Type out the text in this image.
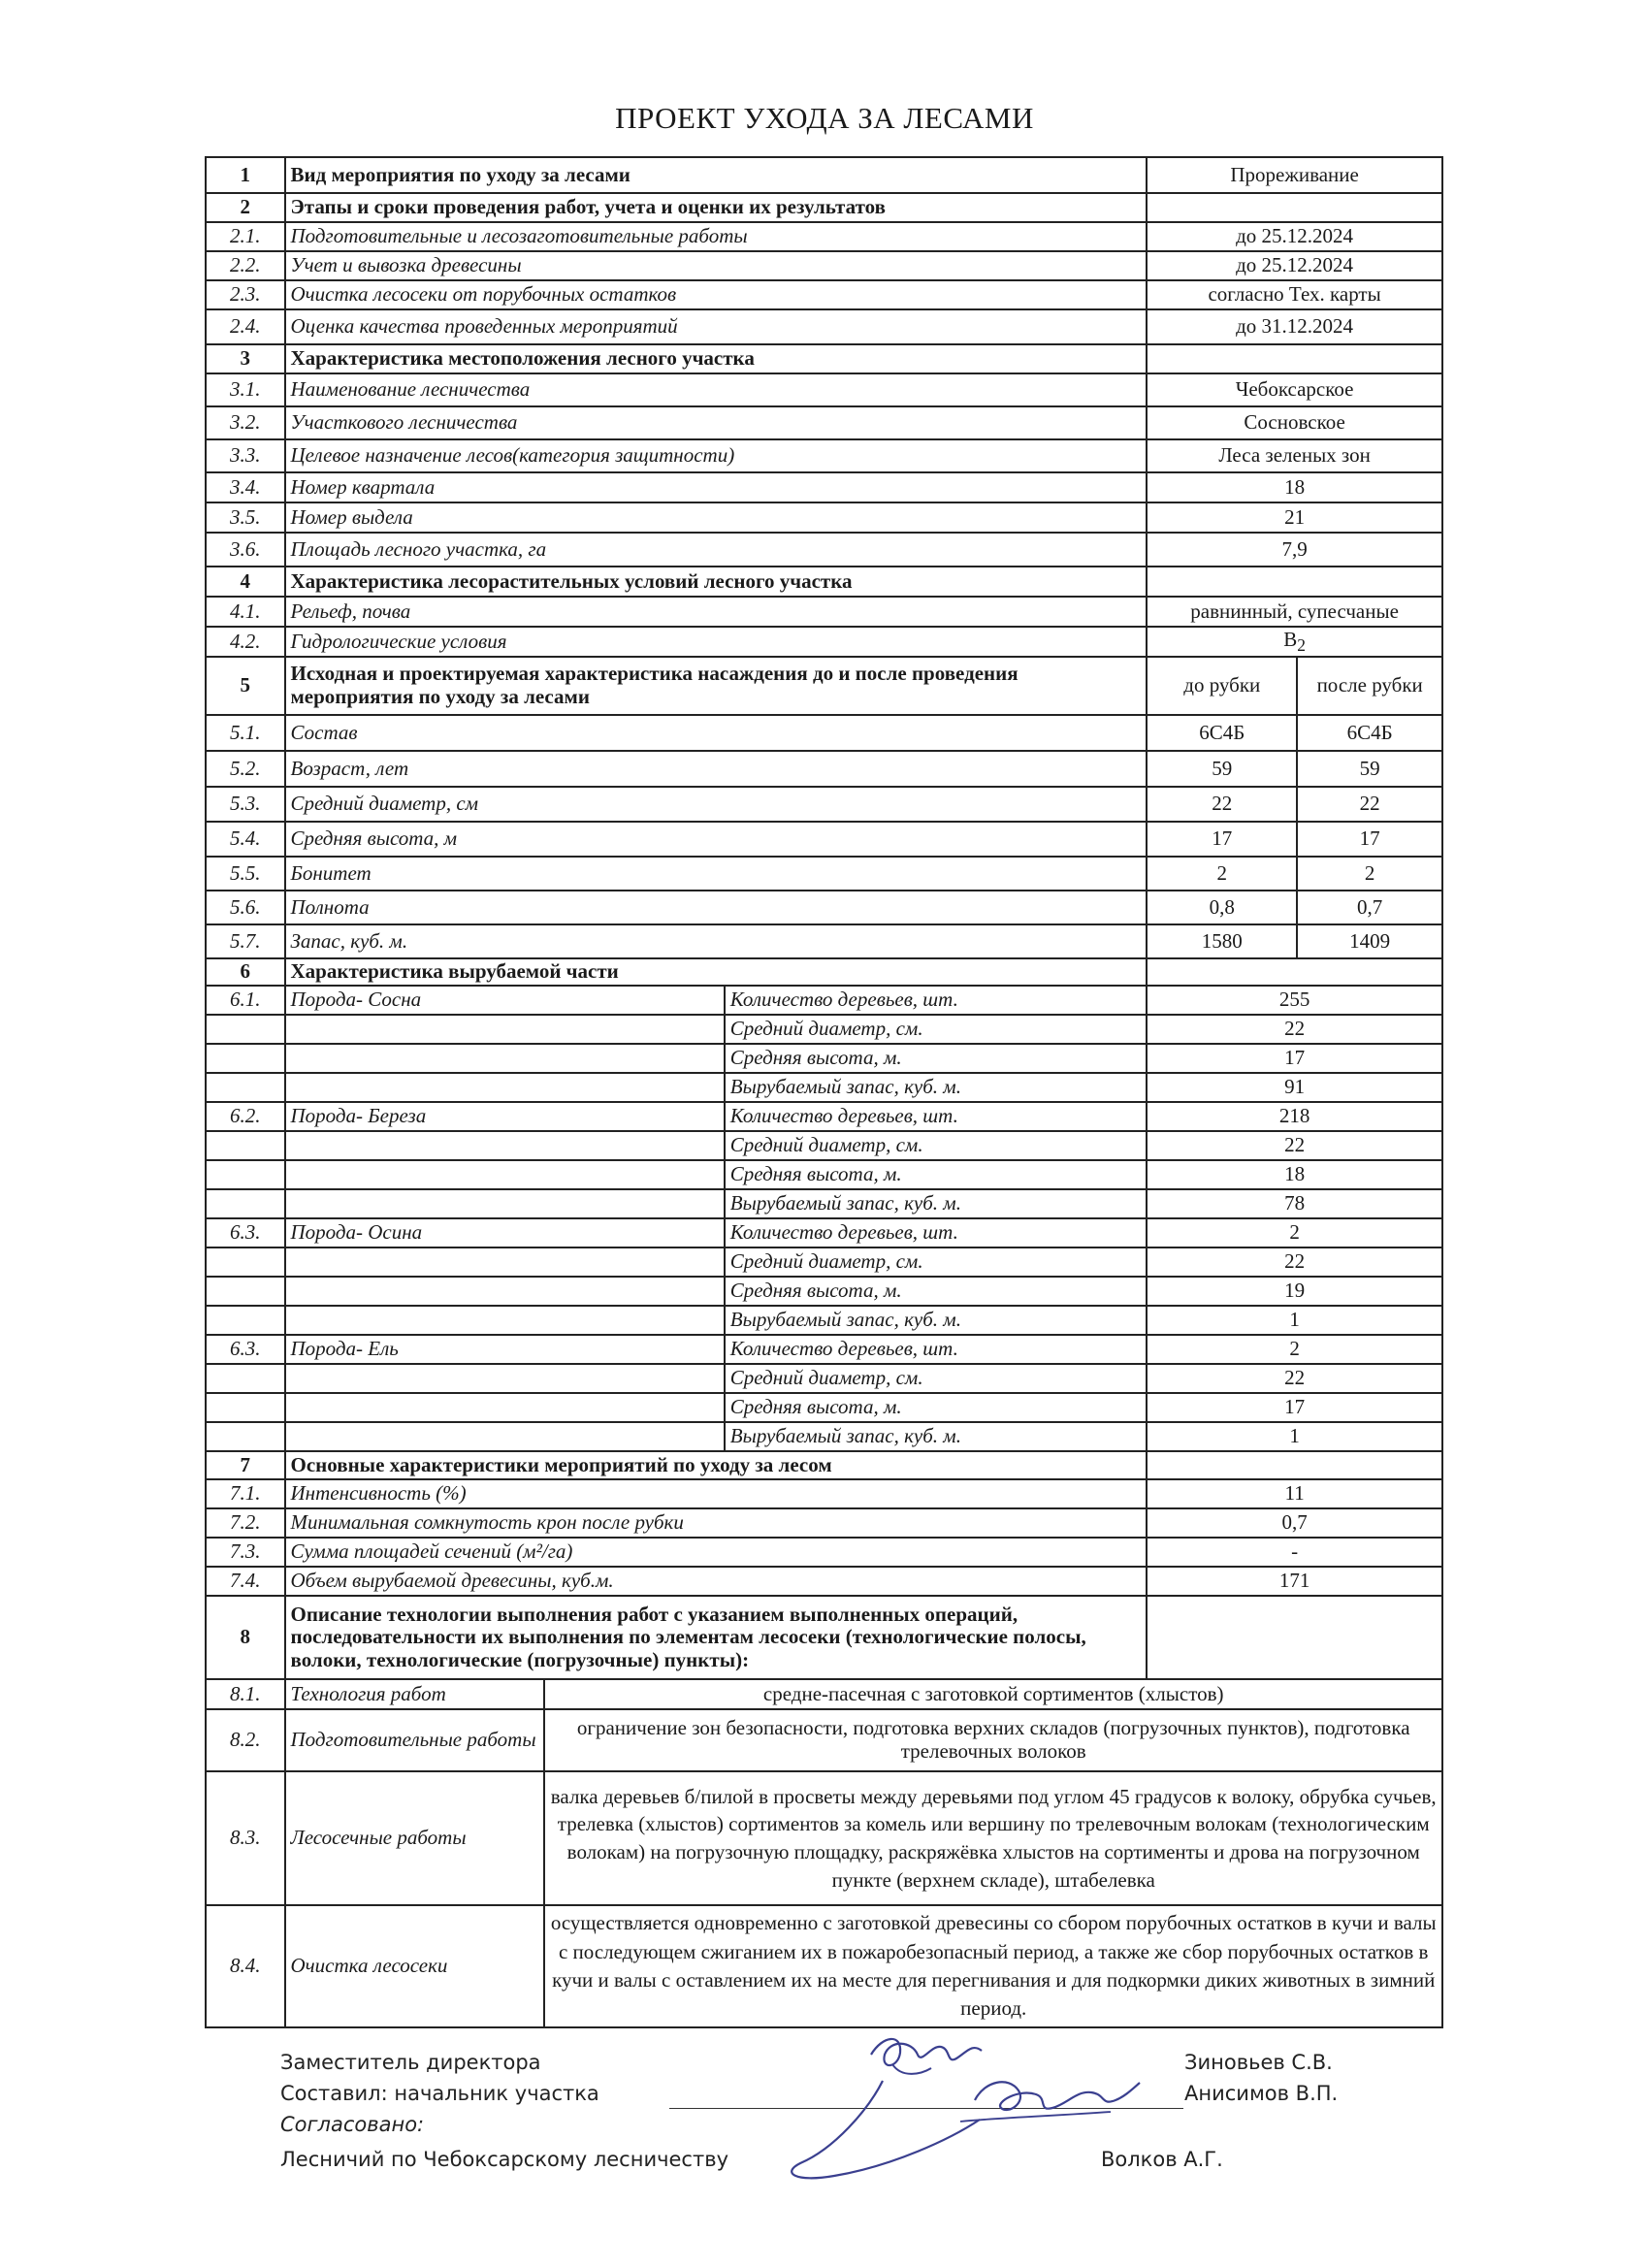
ПРОЕКТ УХОДА ЗА ЛЕСАМИ
1	Вид мероприятия по уходу за лесами			Прореживание	
2	Этапы и сроки проведения работ, учета и оценки их результатов				
2.1.	Подготовительные и лесозаготовительные работы			до 25.12.2024	
2.2.	Учет и вывозка древесины			до 25.12.2024	
2.3.	Очистка лесосеки от порубочных остатков			согласно Тех. карты	
2.4.	Оценка качества проведенных мероприятий			до 31.12.2024	
3	Характеристика местоположения лесного участка				
3.1.	Наименование лесничества			Чебоксарское	
3.2.	Участкового лесничества			Сосновское	
3.3.	Целевое назначение лесов(категория защитности)			Леса зеленых зон	
3.4.	Номер квартала			18	
3.5.	Номер выдела			21	
3.6.	Площадь лесного участка, га			7,9	
4	Характеристика лесорастительных условий лесного участка				
4.1.	Рельеф, почва			равнинный, супесчаные	
4.2.	Гидрологические условия			$В_2$
5	Исходная и проектируемая характеристика насаждения до и после проведения мероприятия по уходу за лесами			до рубки	после рубки
5.1.	Состав			6С4Б	6С4Б
5.2.	Возраст, лет			59	59
5.3.	Средний диаметр, см			22	22
5.4.	Средняя высота, м			17	17
5.5.	Бонитет			2	2
5.6.	Полнота			0,8	0,7
5.7.	Запас, куб. м.			1580	1409
6	Характеристика вырубаемой части				
6.1.	Порода- Сосна		Количество деревьев, шт.	255	
			Средний диаметр, см.	22	
			Средняя высота, м.	17	
			Вырубаемый запас, куб. м.	91	
6.2.	Порода- Береза		Количество деревьев, шт.	218	
			Средний диаметр, см.	22	
			Средняя высота, м.	18	
			Вырубаемый запас, куб. м.	78	
6.3.	Порода- Осина		Количество деревьев, шт.	2	
			Средний диаметр, см.	22	
			Средняя высота, м.	19	
			Вырубаемый запас, куб. м.	1	
6.3.	Порода- Ель		Количество деревьев, шт.	2	
			Средний диаметр, см.	22	
			Средняя высота, м.	17	
			Вырубаемый запас, куб. м.	1	
7	Основные характеристики мероприятий по уходу за лесом				
7.1.	Интенсивность (%)			11	
7.2.	Минимальная сомкнутость крон после рубки			0,7	
7.3.	Сумма площадей сечений (м²/га)			-	
7.4.	Объем вырубаемой древесины, куб.м.			171	
8	Описание технологии выполнения работ с указанием выполненных операций, последовательности их выполнения по элементам лесосеки (технологические полосы, волоки, технологические (погрузочные) пункты):				
8.1.	Технология работ	средне-пасечная с заготовкой сортиментов (хлыстов)			
8.2.	Подготовительные работы	ограничение зон безопасности, подготовка верхних складов (погрузочных пунктов), подготовка трелевочных волоков			
8.3.	Лесосечные работы	валка деревьев б/пилой в просветы между деревьями под углом 45 градусов к волоку, обрубка сучьев, трелевка (хлыстов) сортиментов за комель или вершину по трелевочным волокам (технологическим волокам) на погрузочную площадку, раскряжёвка хлыстов на сортименты и дрова на погрузочном пункте (верхнем складе), штабелевка			
8.4.	Очистка лесосеки	осуществляется одновременно с заготовкой древесины со сбором порубочных остатков в кучи и валы с последующем сжиганием их в пожаробезопасный период, а также же сбор порубочных остатков в кучи и валы с оставлением их на месте для перегнивания и для подкормки диких животных в зимний период.			
Заместитель директора	Зиновьев С.В.
Составил: начальник участка	Анисимов В.П.
Согласовано:
Лесничий по Чебоксарскому лесничеству	Волков А.Г.
